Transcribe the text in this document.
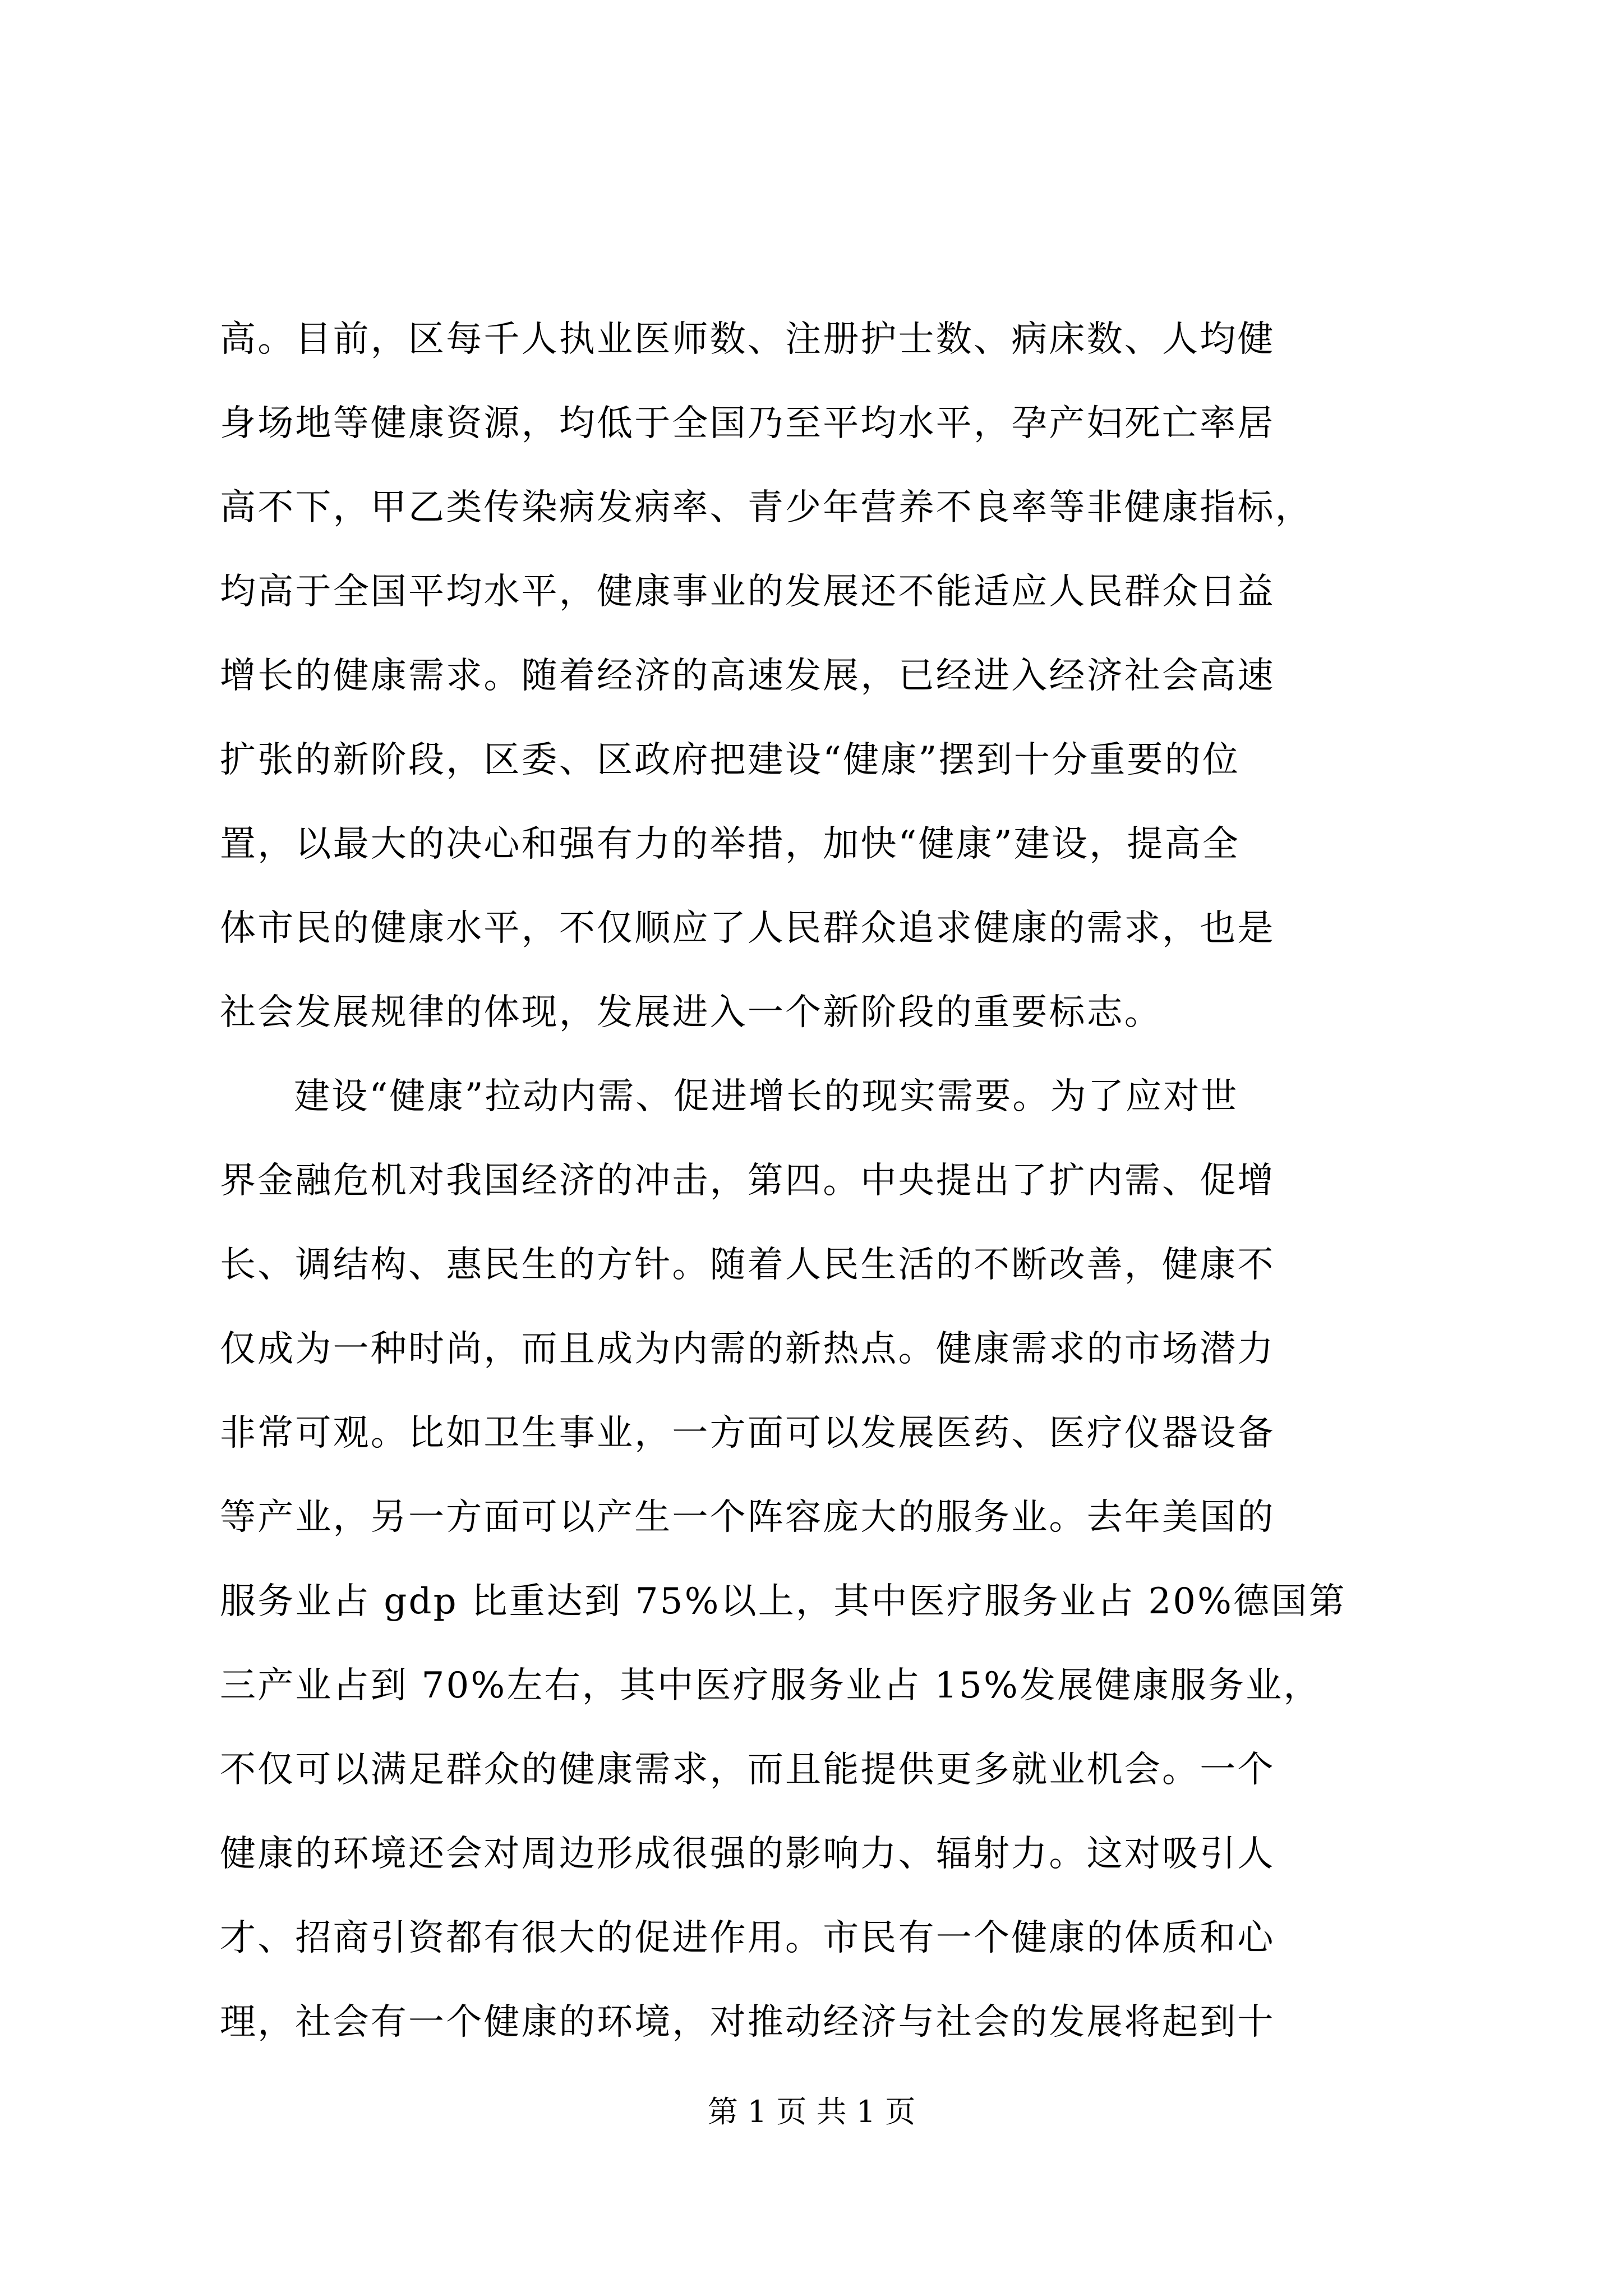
高。目前，区每千人执业医师数、注册护士数、病床数、人均健
身场地等健康资源，均低于全国乃至平均水平，孕产妇死亡率居
高不下，甲乙类传染病发病率、青少年营养不良率等非健康指标，
均高于全国平均水平，健康事业的发展还不能适应人民群众日益
增长的健康需求。随着经济的高速发展，已经进入经济社会高速
扩张的新阶段，区委、区政府把建设“健康”摆到十分重要的位
置，以最大的决心和强有力的举措，加快“健康”建设，提高全
体市民的健康水平，不仅顺应了人民群众追求健康的需求，也是
社会发展规律的体现，发展进入一个新阶段的重要标志。
建设“健康”拉动内需、促进增长的现实需要。为了应对世
界金融危机对我国经济的冲击，第四。中央提出了扩内需、促增
长、调结构、惠民生的方针。随着人民生活的不断改善，健康不
仅成为一种时尚，而且成为内需的新热点。健康需求的市场潜力
非常可观。比如卫生事业，一方面可以发展医药、医疗仪器设备
等产业，另一方面可以产生一个阵容庞大的服务业。去年美国的
服务业占 gdp 比重达到 75%以上，其中医疗服务业占 20%德国第
三产业占到 70%左右，其中医疗服务业占 15%发展健康服务业，
不仅可以满足群众的健康需求，而且能提供更多就业机会。一个
健康的环境还会对周边形成很强的影响力、辐射力。这对吸引人
才、招商引资都有很大的促进作用。市民有一个健康的体质和心
理，社会有一个健康的环境，对推动经济与社会的发展将起到十
第 1 页 共 1 页
